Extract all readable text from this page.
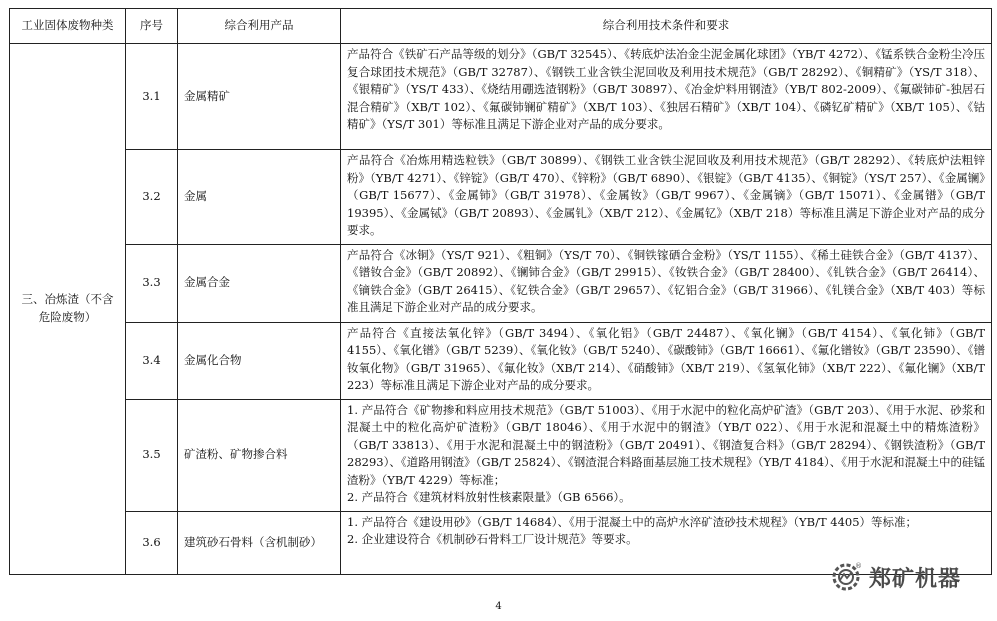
工业固体废物种类	序号	综合利用产品	综合利用技术条件和要求
三、冶炼渣（不含危险废物）	3.1	金属精矿	产品符合《铁矿石产品等级的划分》（GB/T 32545）、《转底炉法冶金尘泥金属化球团》（YB/T 4272）、《锰系铁合金粉尘冷压复合球团技术规范》（GB/T 32787）、《钢铁工业含铁尘泥回收及利用技术规范》（GB/T 28292）、《铜精矿》（YS/T 318）、《银精矿》（YS/T 433）、《烧结用硼选渣钢粉》（GB/T 30897）、《冶金炉料用钢渣》（YB/T 802-2009）、《氟碳铈矿-独居石混合精矿》（XB/T 102）、《氟碳铈镧矿精矿》（XB/T 103）、《独居石精矿》（XB/T 104）、《磷钇矿精矿》（XB/T 105）、《钴精矿》（YS/T 301）等标准且满足下游企业对产品的成分要求。
	3.2	金属	产品符合《冶炼用精选粒铁》（GB/T 30899）、《钢铁工业含铁尘泥回收及利用技术规范》（GB/T 28292）、《转底炉法粗锌粉》（YB/T 4271）、《锌锭》（GB/T 470）、《锌粉》（GB/T 6890）、《银锭》（GB/T 4135）、《铜锭》（YS/T 257）、《金属镧》（GB/T 15677）、《金属铈》（GB/T 31978）、《金属钕》（GB/T 9967）、《金属镝》（GB/T 15071）、《金属镨》（GB/T 19395）、《金属铽》（GB/T 20893）、《金属钆》（XB/T 212）、《金属钇》（XB/T 218）等标准且满足下游企业对产品的成分要求。
	3.3	金属合金	产品符合《冰铜》（YS/T 921）、《粗铜》（YS/T 70）、《铜铁镓硒合金粉》（YS/T 1155）、《稀土硅铁合金》（GB/T 4137）、《镨钕合金》（GB/T 20892）、《镧铈合金》（GB/T 29915）、《钕铁合金》（GB/T 28400）、《钆铁合金》（GB/T 26414）、《镝铁合金》（GB/T 26415）、《钇铁合金》（GB/T 29657）、《钇铝合金》（GB/T 31966）、《钆镁合金》（XB/T 403）等标准且满足下游企业对产品的成分要求。
	3.4	金属化合物	产品符合《直接法氧化锌》（GB/T 3494）、《氧化铝》（GB/T 24487）、《氧化镧》（GB/T 4154）、《氧化铈》（GB/T 4155）、《氧化镨》（GB/T 5239）、《氧化钕》（GB/T 5240）、《碳酸铈》（GB/T 16661）、《氟化镨钕》（GB/T 23590）、《镨钕氧化物》（GB/T 31965）、《氟化钕》（XB/T 214）、《硝酸铈》（XB/T 219）、《氢氧化铈》（XB/T 222）、《氟化镧》（XB/T 223）等标准且满足下游企业对产品的成分要求。
	3.5	矿渣粉、矿物掺合料	1. 产品符合《矿物掺和料应用技术规范》（GB/T 51003）、《用于水泥中的粒化高炉矿渣》（GB/T 203）、《用于水泥、砂浆和混凝土中的粒化高炉矿渣粉》（GB/T 18046）、《用于水泥中的钢渣》（YB/T 022）、《用于水泥和混凝土中的精炼渣粉》（GB/T 33813）、《用于水泥和混凝土中的钢渣粉》（GB/T 20491）、《钢渣复合料》（GB/T 28294）、《钢铁渣粉》（GB/T 28293）、《道路用钢渣》（GB/T 25824）、《钢渣混合料路面基层施工技术规程》（YB/T 4184）、《用于水泥和混凝土中的硅锰渣粉》（YB/T 4229）等标准；
2. 产品符合《建筑材料放射性核素限量》（GB 6566）。
	3.6	建筑砂石骨料（含机制砂）	1. 产品符合《建设用砂》（GB/T 14684）、《用于混凝土中的高炉水淬矿渣砂技术规程》（YB/T 4405）等标准；
2. 企业建设符合《机制砂石骨料工厂设计规范》等要求。
4
®
郑矿机器
